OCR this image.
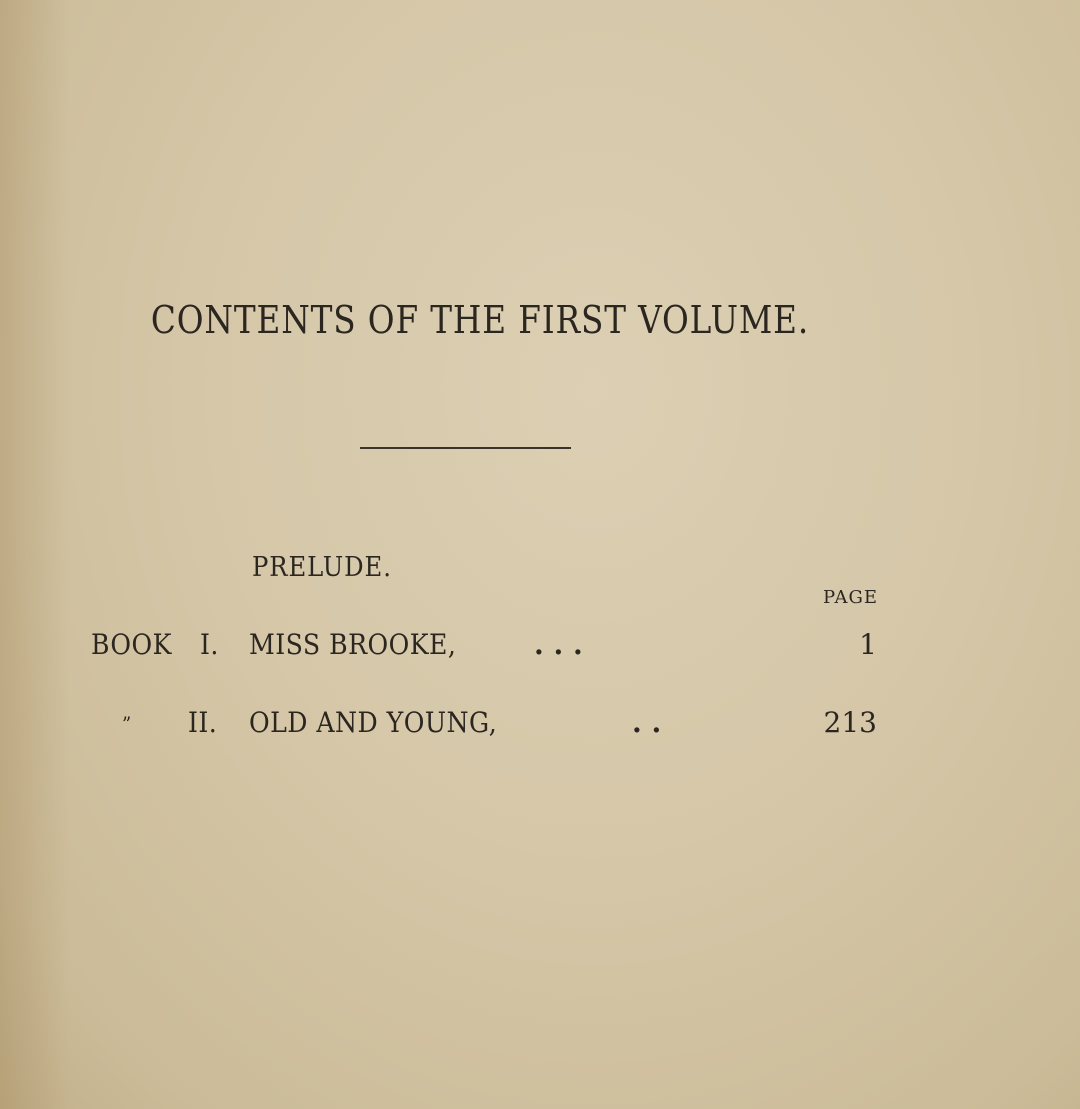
CONTENTS OF THE FIRST VOLUME.
PRELUDE.
PAGE
BOOK I. MISS BROOKE,	. . .	1
” II. OLD AND YOUNG,	. .	213
